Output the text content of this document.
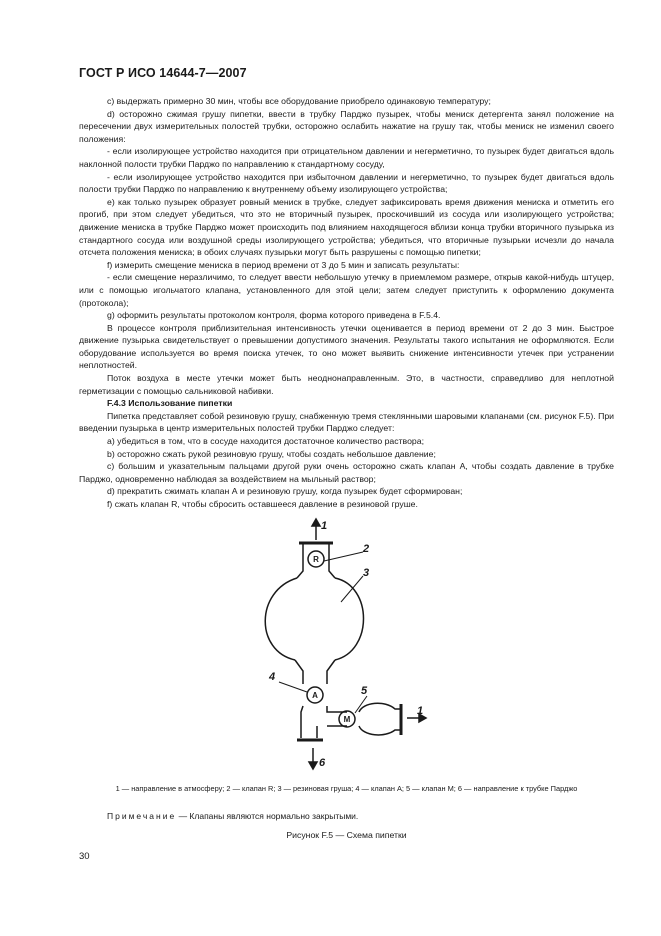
ГОСТ Р ИСО 14644-7—2007

c) выдержать примерно 30 мин, чтобы все оборудование приобрело одинаковую температуру;

d) осторожно сжимая грушу пипетки, ввести в трубку Парджо пузырек, чтобы мениск детергента занял положение на пересечении двух измерительных полостей трубки, осторожно ослабить нажатие на грушу так, чтобы мениск не изменил своего положения:

- если изолирующее устройство находится при отрицательном давлении и негерметично, то пузырек будет двигаться вдоль наклонной полости трубки Парджо по направлению к стандартному сосуду,

- если изолирующее устройство находится при избыточном давлении и негерметично, то пузырек будет двигаться вдоль полости трубки Парджо по направлению к внутреннему объему изолирующего устройства;

e) как только пузырек образует ровный мениск в трубке, следует зафиксировать время движения мениска и отметить его прогиб, при этом следует убедиться, что это не вторичный пузырек, проскочивший из сосуда или изолирующего устройства; движение мениска в трубке Парджо может происходить под влиянием находящегося вблизи конца трубки вторичного пузырька из стандартного сосуда или воздушной среды изолирующего устройства; убедиться, что вторичные пузырьки исчезли до начала отсчета положения мениска; в обоих случаях пузырьки могут быть разрушены с помощью пипетки;

f) измерить смещение мениска в период времени от 3 до 5 мин и записать результаты:

- если смещение неразличимо, то следует ввести небольшую утечку в приемлемом размере, открыв какой-нибудь штуцер, или с помощью игольчатого клапана, установленного для этой цели; затем следует приступить к оформлению документа (протокола);

g) оформить результаты протоколом контроля, форма которого приведена в F.5.4.

В процессе контроля приблизительная интенсивность утечки оценивается в период времени от 2 до 3 мин. Быстрое движение пузырька свидетельствует о превышении допустимого значения. Результаты такого испытания не оформляются. Если оборудование используется во время поиска утечек, то оно может выявить снижение интенсивности утечек при устранении неплотностей.

Поток воздуха в месте утечки может быть неоднонаправленным. Это, в частности, справедливо для неплотной герметизации с помощью сальниковой набивки.

F.4.3 Использование пипетки

Пипетка представляет собой резиновую грушу, снабженную тремя стеклянными шаровыми клапанами (см. рисунок F.5). При введении пузырька в центр измерительных полостей трубки Парджо следует:

a) убедиться в том, что в сосуде находится достаточное количество раствора;

b) осторожно сжать рукой резиновую грушу, чтобы создать небольшое давление;

c) большим и указательным пальцами другой руки очень осторожно сжать клапан А, чтобы создать давление в трубке Парджо, одновременно наблюдая за воздействием на мыльный раствор;

d) прекратить сжимать клапан А и резиновую грушу, когда пузырек будет сформирован;

f) сжать клапан R, чтобы сбросить оставшееся давление в резиновой груше.

R
A
M
1
2
3
4
5
1
6
1 — направление в атмосферу; 2 — клапан R; 3 — резиновая груша; 4 — клапан A; 5 — клапан M; 6 — направление к трубке Парджо
Примечание — Клапаны являются нормально закрытыми.
Рисунок F.5 — Схема пипетки
30
